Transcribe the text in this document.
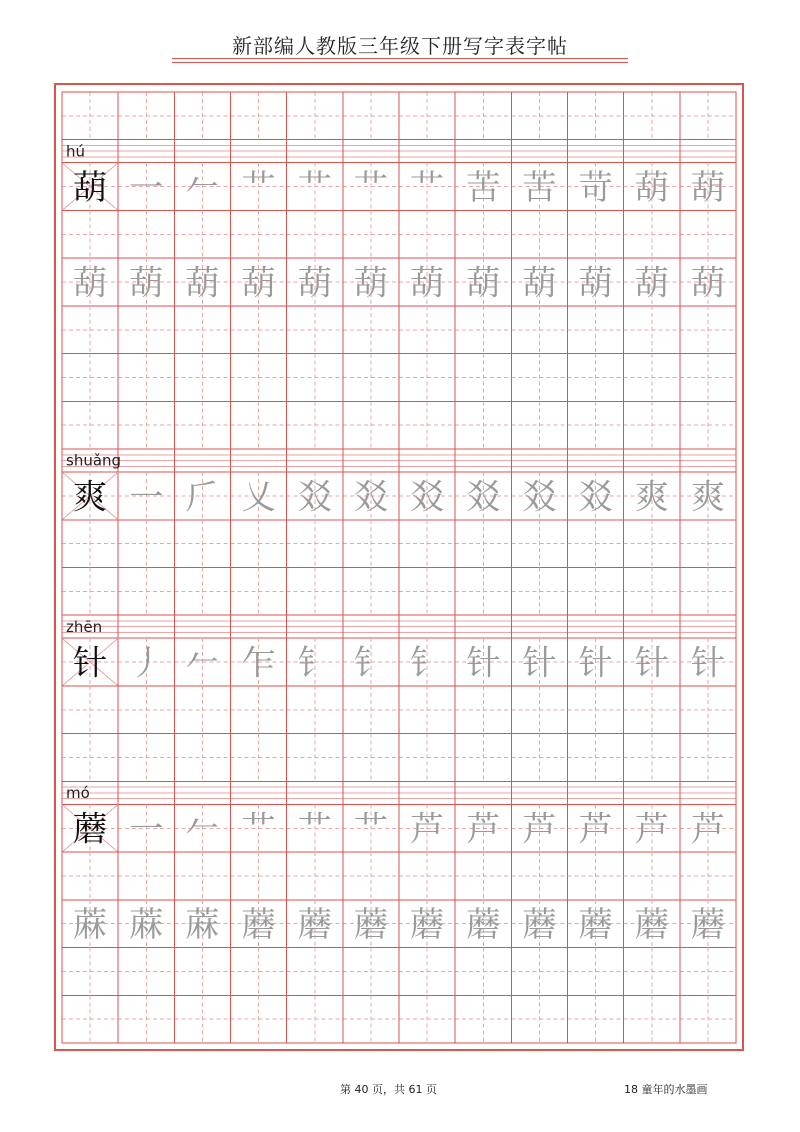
新部编人教版三年级下册写字表字帖
hú
葫 一 𠂉 艹 艹 艹 艹 苦 苦 苛 葫 葫
葫 葫 葫 葫 葫 葫 葫 葫 葫 葫 葫 葫
shuǎng
爽 一 𠂆 乂 㸚 㸚 㸚 㸚 㸚 㸚 爽 爽
zhēn
针 丿 𠂉 乍 钅 钅 钅 针 针 针 针 针
mó
蘑 一 𠂉 艹 艹 艹 芦 芦 芦 芦 芦 芦
蔴 蔴 蔴 蘑 蘑 蘑 蘑 蘑 蘑 蘑 蘑 蘑
第 40 页，共 61 页	18 童年的水墨画
